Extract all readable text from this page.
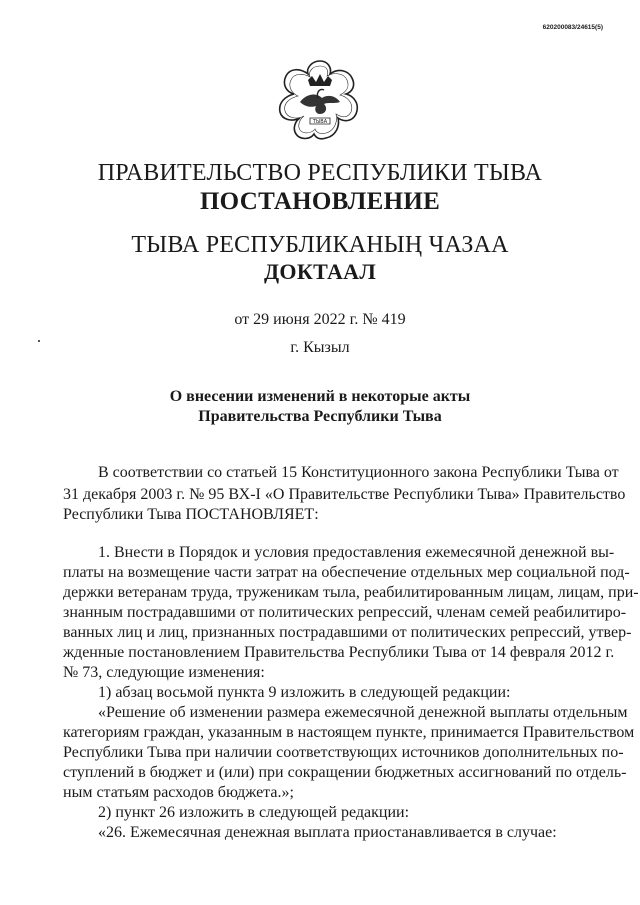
620200083/24615(5)
ТЫВА
ПРАВИТЕЛЬСТВО РЕСПУБЛИКИ ТЫВА
ПОСТАНОВЛЕНИЕ
ТЫВА РЕСПУБЛИКАНЫҢ ЧАЗАА
ДОКТААЛ
от 29 июня 2022 г. № 419
г. Кызыл
О внесении изменений в некоторые акты
Правительства Республики Тыва
В соответствии со статьей 15 Конституционного закона Республики Тыва от
31 декабря 2003 г. № 95 ВХ-I «О Правительстве Республики Тыва» Правительство
Республики Тыва ПОСТАНОВЛЯЕТ:
1. Внести в Порядок и условия предоставления ежемесячной денежной вы-
платы на возмещение части затрат на обеспечение отдельных мер социальной под-
держки ветеранам труда, труженикам тыла, реабилитированным лицам, лицам, при-
знанным пострадавшими от политических репрессий, членам семей реабилитиро-
ванных лиц и лиц, признанных пострадавшими от политических репрессий, утвер-
жденные постановлением Правительства Республики Тыва от 14 февраля 2012 г.
№ 73, следующие изменения:
1) абзац восьмой пункта 9 изложить в следующей редакции:
«Решение об изменении размера ежемесячной денежной выплаты отдельным
категориям граждан, указанным в настоящем пункте, принимается Правительством
Республики Тыва при наличии соответствующих источников дополнительных по-
ступлений в бюджет и (или) при сокращении бюджетных ассигнований по отдель-
ным статьям расходов бюджета.»;
2) пункт 26 изложить в следующей редакции:
«26. Ежемесячная денежная выплата приостанавливается в случае:
